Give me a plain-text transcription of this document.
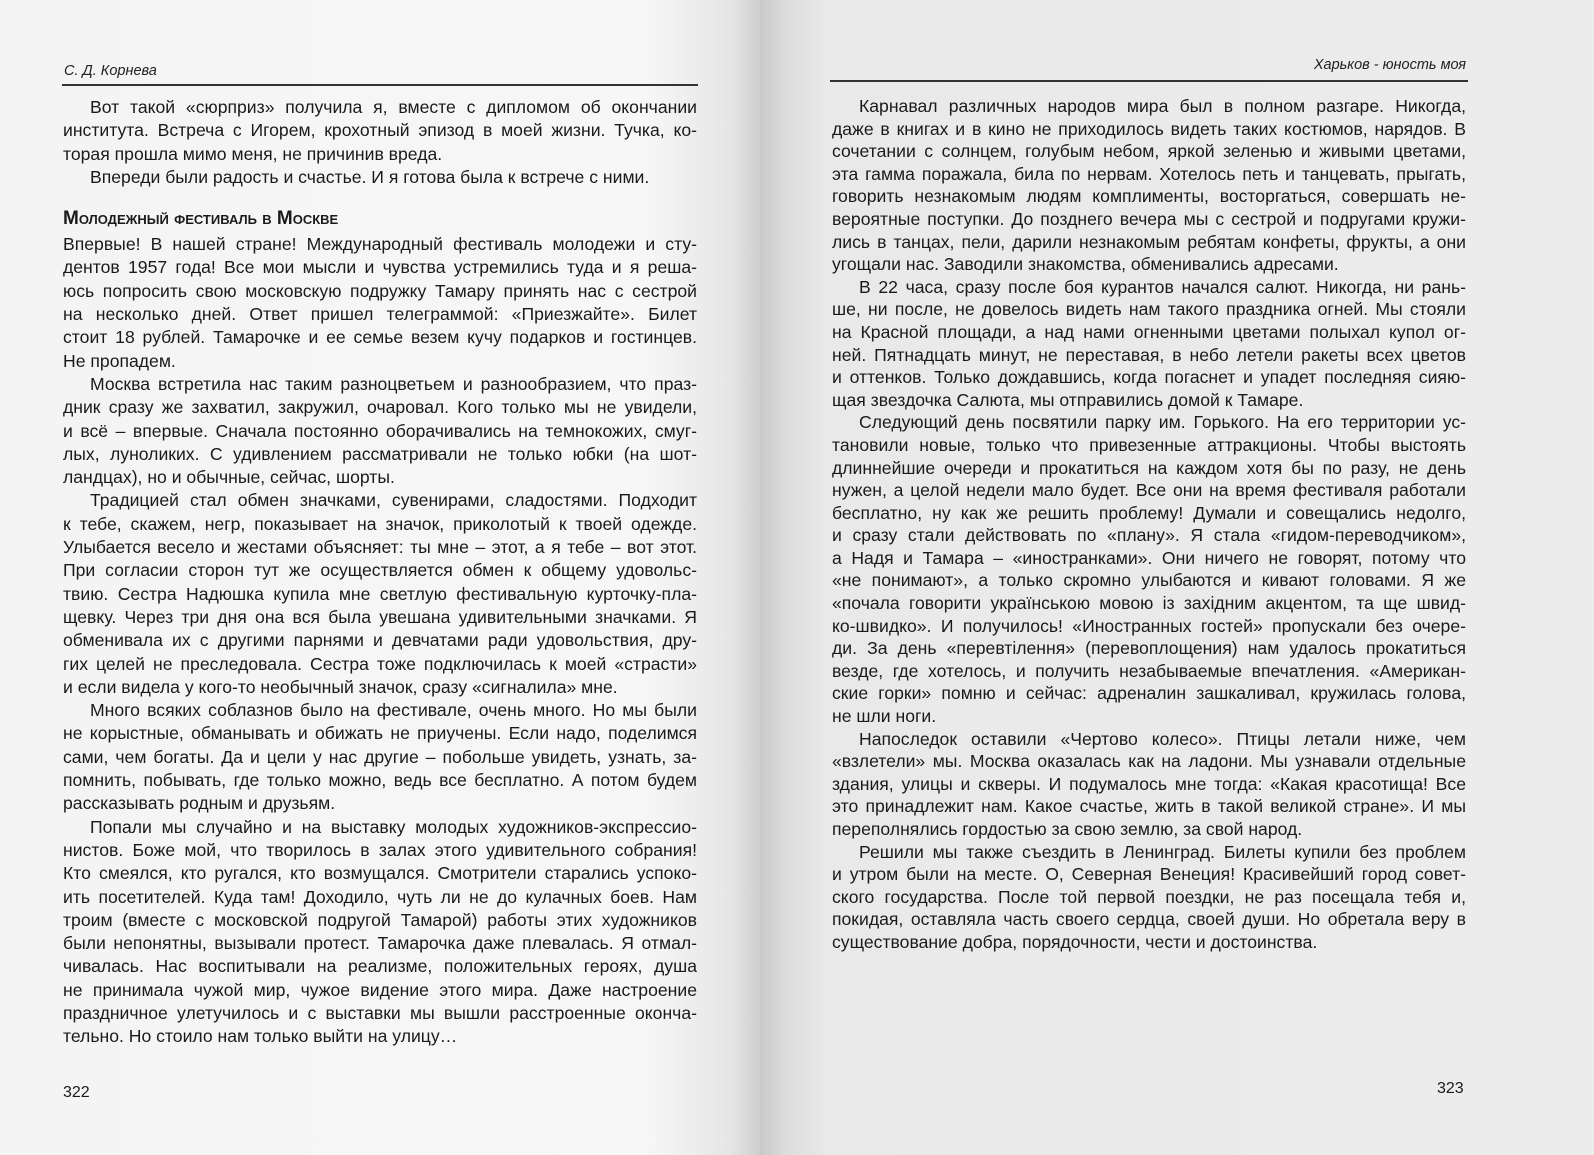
С. Д. Корнева
Вот такой «сюрприз» получила я, вместе с дипломом об окончании
института. Встреча с Игорем, крохотный эпизод в моей жизни. Тучка, ко-
торая прошла мимо меня, не причинив вреда.
Впереди были радость и счастье. И я готова была к встрече с ними.
Молодежный фестиваль в Москве
Впервые! В нашей стране! Международный фестиваль молодежи и сту-
дентов 1957 года! Все мои мысли и чувства устремились туда и я реша-
юсь попросить свою московскую подружку Тамару принять нас с сестрой
на несколько дней. Ответ пришел телеграммой: «Приезжайте». Билет
стоит 18 рублей. Тамарочке и ее семье везем кучу подарков и гостинцев.
Не пропадем.
Москва встретила нас таким разноцветьем и разнообразием, что праз-
дник сразу же захватил, закружил, очаровал. Кого только мы не увидели,
и всё – впервые. Сначала постоянно оборачивались на темнокожих, смуг-
лых, луноликих. С удивлением рассматривали не только юбки (на шот-
ландцах), но и обычные, сейчас, шорты.
Традицией стал обмен значками, сувенирами, сладостями. Подходит
к тебе, скажем, негр, показывает на значок, приколотый к твоей одежде.
Улыбается весело и жестами объясняет: ты мне – этот, а я тебе – вот этот.
При согласии сторон тут же осуществляется обмен к общему удовольс-
твию. Сестра Надюшка купила мне светлую фестивальную курточку-пла-
щевку. Через три дня она вся была увешана удивительными значками. Я
обменивала их с другими парнями и девчатами ради удовольствия, дру-
гих целей не преследовала. Сестра тоже подключилась к моей «страсти»
и если видела у кого-то необычный значок, сразу «сигналила» мне.
Много всяких соблазнов было на фестивале, очень много. Но мы были
не корыстные, обманывать и обижать не приучены. Если надо, поделимся
сами, чем богаты. Да и цели у нас другие – побольше увидеть, узнать, за-
помнить, побывать, где только можно, ведь все бесплатно. А потом будем
рассказывать родным и друзьям.
Попали мы случайно и на выставку молодых художников-экспрессио-
нистов. Боже мой, что творилось в залах этого удивительного собрания!
Кто смеялся, кто ругался, кто возмущался. Смотрители старались успоко-
ить посетителей. Куда там! Доходило, чуть ли не до кулачных боев. Нам
троим (вместе с московской подругой Тамарой) работы этих художников
были непонятны, вызывали протест. Тамарочка даже плевалась. Я отмал-
чивалась. Нас воспитывали на реализме, положительных героях, душа
не принимала чужой мир, чужое видение этого мира. Даже настроение
праздничное улетучилось и с выставки мы вышли расстроенные оконча-
тельно. Но стоило нам только выйти на улицу…
322
Харьков - юность моя
Карнавал различных народов мира был в полном разгаре. Никогда,
даже в книгах и в кино не приходилось видеть таких костюмов, нарядов. В
сочетании с солнцем, голубым небом, яркой зеленью и живыми цветами,
эта гамма поражала, била по нервам. Хотелось петь и танцевать, прыгать,
говорить незнакомым людям комплименты, восторгаться, совершать не-
вероятные поступки. До позднего вечера мы с сестрой и подругами кружи-
лись в танцах, пели, дарили незнакомым ребятам конфеты, фрукты, а они
угощали нас. Заводили знакомства, обменивались адресами.
В 22 часа, сразу после боя курантов начался салют. Никогда, ни рань-
ше, ни после, не довелось видеть нам такого праздника огней. Мы стояли
на Красной площади, а над нами огненными цветами полыхал купол ог-
ней. Пятнадцать минут, не переставая, в небо летели ракеты всех цветов
и оттенков. Только дождавшись, когда погаснет и упадет последняя сияю-
щая звездочка Салюта, мы отправились домой к Тамаре.
Следующий день посвятили парку им. Горького. На его территории ус-
тановили новые, только что привезенные аттракционы. Чтобы выстоять
длиннейшие очереди и прокатиться на каждом хотя бы по разу, не день
нужен, а целой недели мало будет. Все они на время фестиваля работали
бесплатно, ну как же решить проблему! Думали и совещались недолго,
и сразу стали действовать по «плану». Я стала «гидом-переводчиком»,
а Надя и Тамара – «иностранками». Они ничего не говорят, потому что
«не понимают», а только скромно улыбаются и кивают головами. Я же
«почала говорити українською мовою із західним акцентом, та ще швид-
ко-швидко». И получилось! «Иностранных гостей» пропускали без очере-
ди. За день «перевтілення» (перевоплощения) нам удалось прокатиться
везде, где хотелось, и получить незабываемые впечатления. «Американ-
ские горки» помню и сейчас: адреналин зашкаливал, кружилась голова,
не шли ноги.
Напоследок оставили «Чертово колесо». Птицы летали ниже, чем
«взлетели» мы. Москва оказалась как на ладони. Мы узнавали отдельные
здания, улицы и скверы. И подумалось мне тогда: «Какая красотища! Все
это принадлежит нам. Какое счастье, жить в такой великой стране». И мы
переполнялись гордостью за свою землю, за свой народ.
Решили мы также съездить в Ленинград. Билеты купили без проблем
и утром были на месте. О, Северная Венеция! Красивейший город совет-
ского государства. После той первой поездки, не раз посещала тебя и,
покидая, оставляла часть своего сердца, своей души. Но обретала веру в
существование добра, порядочности, чести и достоинства.
323
